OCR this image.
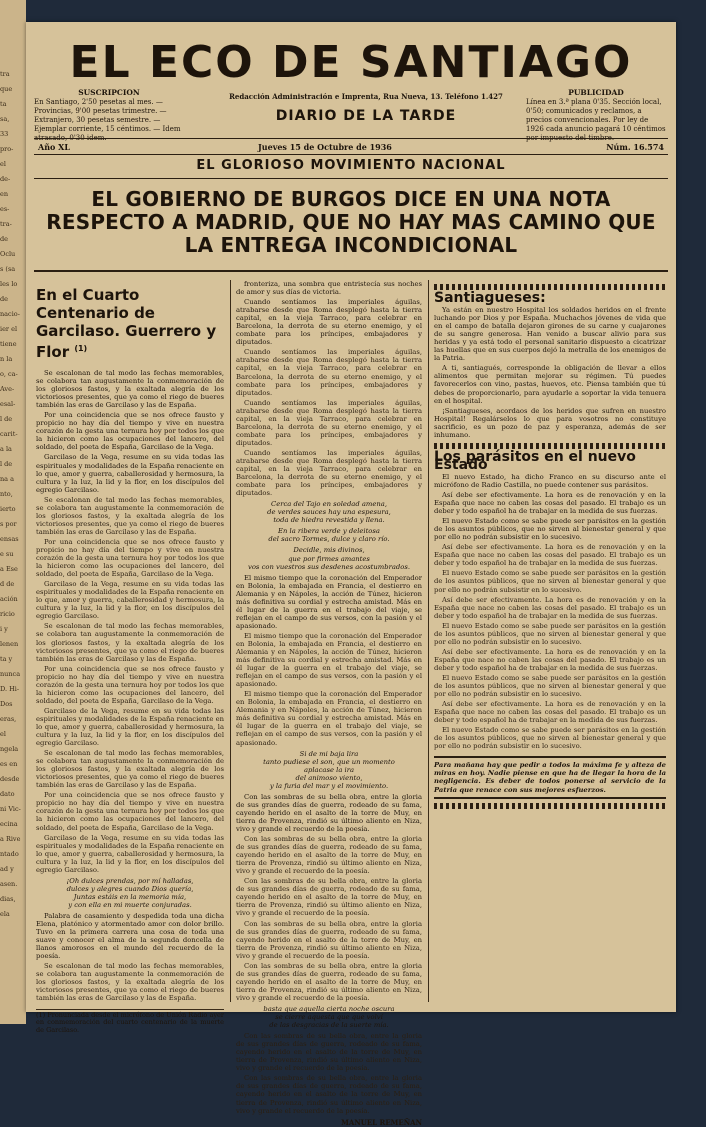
tra
que
ta
sa,
33
pro-
el
de-
en
es-
tra-
de
Oclu
s (sa
les lo
de
nacio-
ier el
tiene
n la
o, ca-
Ave-
esal-
l de
carit-
a la
l de
na a
nto,
ierto
s por
ensas
e su
a Ese
d de
ación
ricio
i y
lenen
ta y
nunca
D. Hi-
Dos
eras,
el
ngela
es en
desde
dato
ni Vic-
ecina
a Rive
ntado
ad y
asen.
dias,
ela
EL ECO DE SANTIAGO
SUSCRIPCION

En Santiago, 2'50 pesetas al mes. — Provincias, 9'00 pesetas trimestre. — Extranjero, 30 pesetas semestre. — Ejemplar corriente, 15 céntimos. — Idem atrasado, 0'30 idem.

Redacción Administración e Imprenta, Rua Nueva, 13. Teléfono 1.427
DIARIO DE LA TARDE
PUBLICIDAD

Línea en 3.ª plana 0'35. Sección local, 0'50; comunicados y reclamos, a precios convencionales. Por ley de 1926 cada anuncio pagará 10 céntimos por impuesto del timbre.

Año XL	Jueves 15 de Octubre de 1936	Núm. 16.574
EL GLORIOSO MOVIMIENTO NACIONAL
EL GOBIERNO DE BURGOS DICE EN UNA NOTA RESPECTO A MADRID, QUE NO HAY MAS CAMINO QUE LA ENTREGA INCONDICIONAL
En el Cuarto Centenario de Garcilaso. Guerrero y Flor $^{(1)}$

Se escalonan de tal modo las fechas memorables, se colabora tan augustamente la conmemoración de los gloriosos fastos, y la exaltada alegría de los victoriosos presentes, que ya como el riego de bueres también las eras de Garcilaso y las de España.

Por una coincidencia que se nos ofrece fausto y propicio no hay día del tiempo y vive en nuestra corazón de la gesta una ternura hoy por todos los que la hicieron como las ocupaciones del lancero, del soldado, del poeta de España, Garcilaso de la Vega.

Garcilaso de la Vega, resume en su vida todas las espirituales y modalidades de la España renaciente en lo que, amor y guerra, caballerosidad y hermosura, la cultura y la luz, la lid y la flor, en los discípulos del egregio Garcilaso.

Se escalonan de tal modo las fechas memorables, se colabora tan augustamente la conmemoración de los gloriosos fastos, y la exaltada alegría de los victoriosos presentes, que ya como el riego de bueres también las eras de Garcilaso y las de España.

Por una coincidencia que se nos ofrece fausto y propicio no hay día del tiempo y vive en nuestra corazón de la gesta una ternura hoy por todos los que la hicieron como las ocupaciones del lancero, del soldado, del poeta de España, Garcilaso de la Vega.

Garcilaso de la Vega, resume en su vida todas las espirituales y modalidades de la España renaciente en lo que, amor y guerra, caballerosidad y hermosura, la cultura y la luz, la lid y la flor, en los discípulos del egregio Garcilaso.

Se escalonan de tal modo las fechas memorables, se colabora tan augustamente la conmemoración de los gloriosos fastos, y la exaltada alegría de los victoriosos presentes, que ya como el riego de bueres también las eras de Garcilaso y las de España.

Por una coincidencia que se nos ofrece fausto y propicio no hay día del tiempo y vive en nuestra corazón de la gesta una ternura hoy por todos los que la hicieron como las ocupaciones del lancero, del soldado, del poeta de España, Garcilaso de la Vega.

Garcilaso de la Vega, resume en su vida todas las espirituales y modalidades de la España renaciente en lo que, amor y guerra, caballerosidad y hermosura, la cultura y la luz, la lid y la flor, en los discípulos del egregio Garcilaso.

Se escalonan de tal modo las fechas memorables, se colabora tan augustamente la conmemoración de los gloriosos fastos, y la exaltada alegría de los victoriosos presentes, que ya como el riego de bueres también las eras de Garcilaso y las de España.

Por una coincidencia que se nos ofrece fausto y propicio no hay día del tiempo y vive en nuestra corazón de la gesta una ternura hoy por todos los que la hicieron como las ocupaciones del lancero, del soldado, del poeta de España, Garcilaso de la Vega.

Garcilaso de la Vega, resume en su vida todas las espirituales y modalidades de la España renaciente en lo que, amor y guerra, caballerosidad y hermosura, la cultura y la luz, la lid y la flor, en los discípulos del egregio Garcilaso.

¡Oh dulces prendas, por mí halladas,
dulces y alegres cuando Dios quería,
Juntas estáis en la memoria mía,
y con ella en mi muerte conjuradas.

Palabra de casamiento y despedida toda una dicha Elena, platónico y atormentado amor con dolor brillo. Tuvo en la primera carrera una cosa de toda una suave y conocer el alma de la segunda doncella de llanos amorosos en el mundo del recuerdo de la poesía.

Se escalonan de tal modo las fechas memorables, se colabora tan augustamente la conmemoración de los gloriosos fastos, y la exaltada alegría de los victoriosos presentes, que ya como el riego de bueres también las eras de Garcilaso y las de España.

(1) Pronunciada desde el micrófono de Unión Radio ayer en conmemoración del cuarto centenario de la muerte de Garcilaso.

fronteriza, una sombra que entristecía sus noches de amor y sus días de victoria.

Cuando sentíamos las imperiales águilas, atrabarse desde que Roma desplegó hasta la tierra capital, en la vieja Tarraco, para celebrar en Barcelona, la derrota de su eterno enemigo, y el combate para los príncipes, embajadores y diputados.

Cuando sentíamos las imperiales águilas, atrabarse desde que Roma desplegó hasta la tierra capital, en la vieja Tarraco, para celebrar en Barcelona, la derrota de su eterno enemigo, y el combate para los príncipes, embajadores y diputados.

Cuando sentíamos las imperiales águilas, atrabarse desde que Roma desplegó hasta la tierra capital, en la vieja Tarraco, para celebrar en Barcelona, la derrota de su eterno enemigo, y el combate para los príncipes, embajadores y diputados.

Cuando sentíamos las imperiales águilas, atrabarse desde que Roma desplegó hasta la tierra capital, en la vieja Tarraco, para celebrar en Barcelona, la derrota de su eterno enemigo, y el combate para los príncipes, embajadores y diputados.

Cerca del Tajo en soledad amena,
de verdes sauces hay una espesura,
toda de hiedra revestida y llena.
En la ribera verde y deleitosa
del sacro Tormes, dulce y claro río.
Decidle, mis divinos,
que por firmes amantes
vos con vuestros sus desdenes acostumbrados.

El mismo tiempo que la coronación del Emperador en Bolonia, la embajada en Francia, el destierro en Alemania y en Nápoles, la acción de Túnez, hicieron más definitiva su cordial y estrecha amistad. Más en él lugar de la guerra en el trabajo del viaje, se reflejan en el campo de sus versos, con la pasión y el apasionado.

El mismo tiempo que la coronación del Emperador en Bolonia, la embajada en Francia, el destierro en Alemania y en Nápoles, la acción de Túnez, hicieron más definitiva su cordial y estrecha amistad. Más en él lugar de la guerra en el trabajo del viaje, se reflejan en el campo de sus versos, con la pasión y el apasionado.

El mismo tiempo que la coronación del Emperador en Bolonia, la embajada en Francia, el destierro en Alemania y en Nápoles, la acción de Túnez, hicieron más definitiva su cordial y estrecha amistad. Más en él lugar de la guerra en el trabajo del viaje, se reflejan en el campo de sus versos, con la pasión y el apasionado.

Si de mi baja lira
tanto pudiese el son, que un momento
aplacase la ira
del animoso viento,
y la furia del mar y el movimiento.

Con las sombras de su bella obra, entre la gloria de sus grandes días de guerra, rodeado de su fama, cayendo herido en el asalto de la torre de Muy, en tierra de Provenza, rindió su último aliento en Niza, vivo y grande el recuerdo de la poesía.

Con las sombras de su bella obra, entre la gloria de sus grandes días de guerra, rodeado de su fama, cayendo herido en el asalto de la torre de Muy, en tierra de Provenza, rindió su último aliento en Niza, vivo y grande el recuerdo de la poesía.

Con las sombras de su bella obra, entre la gloria de sus grandes días de guerra, rodeado de su fama, cayendo herido en el asalto de la torre de Muy, en tierra de Provenza, rindió su último aliento en Niza, vivo y grande el recuerdo de la poesía.

Con las sombras de su bella obra, entre la gloria de sus grandes días de guerra, rodeado de su fama, cayendo herido en el asalto de la torre de Muy, en tierra de Provenza, rindió su último aliento en Niza, vivo y grande el recuerdo de la poesía.

Con las sombras de su bella obra, entre la gloria de sus grandes días de guerra, rodeado de su fama, cayendo herido en el asalto de la torre de Muy, en tierra de Provenza, rindió su último aliento en Niza, vivo y grande el recuerdo de la poesía.

basta que aquella cierta noche oscura
se cierre aquesta que que volví
de las desgracias de la suerte mía.

Con las sombras de su bella obra, entre la gloria de sus grandes días de guerra, rodeado de su fama, cayendo herido en el asalto de la torre de Muy, en tierra de Provenza, rindió su último aliento en Niza, vivo y grande el recuerdo de la poesía.

Con las sombras de su bella obra, entre la gloria de sus grandes días de guerra, rodeado de su fama, cayendo herido en el asalto de la torre de Muy, en tierra de Provenza, rindió su último aliento en Niza, vivo y grande el recuerdo de la poesía.

MANUEL REMEÑAN
Santiagueses:

Ya están en nuestro Hospital los soldados heridos en el frente luchando por Dios y por España. Muchachos jóvenes de vida que en el campo de batalla dejaron girones de su carne y cuajarones de su sangre generosa. Han venido a buscar alivio para sus heridas y ya está todo el personal sanitario dispuesto a cicatrizar las huellas que en sus cuerpos dejó la metralla de los enemigos de la Patria.

A ti, santiagués, corresponde la obligación de llevar a ellos alimentos que permitan mejorar su régimen. Tú puedes favorecerlos con vino, pastas, huevos, etc. Piensa también que tú debes de proporcionarlo, para ayudarle a soportar la vida tenuera en el hospital.

¡Santiagueses, acordaos de los heridos que sufren en nuestro Hospital! Regalárselos lo que para vosotros no constituye sacrificio, es un pozo de paz y esperanza, además de ser inhumano.

Los parásitos en el nuevo Estado

El nuevo Estado, ha dicho Franco en su discurso ante el micrófono de Radio Castilla, no puede contener sus parásitos.

Así debe ser efectivamente. La hora es de renovación y en la España que nace no caben las cosas del pasado. El trabajo es un deber y todo español ha de trabajar en la medida de sus fuerzas.

El nuevo Estado como se sabe puede ser parásitos en la gestión de los asuntos públicos, que no sirven al bienestar general y que por ello no podrán subsistir en lo sucesivo.

Así debe ser efectivamente. La hora es de renovación y en la España que nace no caben las cosas del pasado. El trabajo es un deber y todo español ha de trabajar en la medida de sus fuerzas.

El nuevo Estado como se sabe puede ser parásitos en la gestión de los asuntos públicos, que no sirven al bienestar general y que por ello no podrán subsistir en lo sucesivo.

Así debe ser efectivamente. La hora es de renovación y en la España que nace no caben las cosas del pasado. El trabajo es un deber y todo español ha de trabajar en la medida de sus fuerzas.

El nuevo Estado como se sabe puede ser parásitos en la gestión de los asuntos públicos, que no sirven al bienestar general y que por ello no podrán subsistir en lo sucesivo.

Así debe ser efectivamente. La hora es de renovación y en la España que nace no caben las cosas del pasado. El trabajo es un deber y todo español ha de trabajar en la medida de sus fuerzas.

El nuevo Estado como se sabe puede ser parásitos en la gestión de los asuntos públicos, que no sirven al bienestar general y que por ello no podrán subsistir en lo sucesivo.

Así debe ser efectivamente. La hora es de renovación y en la España que nace no caben las cosas del pasado. El trabajo es un deber y todo español ha de trabajar en la medida de sus fuerzas.

El nuevo Estado como se sabe puede ser parásitos en la gestión de los asuntos públicos, que no sirven al bienestar general y que por ello no podrán subsistir en lo sucesivo.

Para mañana hay que pedir a todos la máxima fe y alteza de miras en hoy. Nadie piense en que ha de llegar la hora de la negligencia. Es deber de todos ponerse al servicio de la Patria que renace con sus mejores esfuerzos.
